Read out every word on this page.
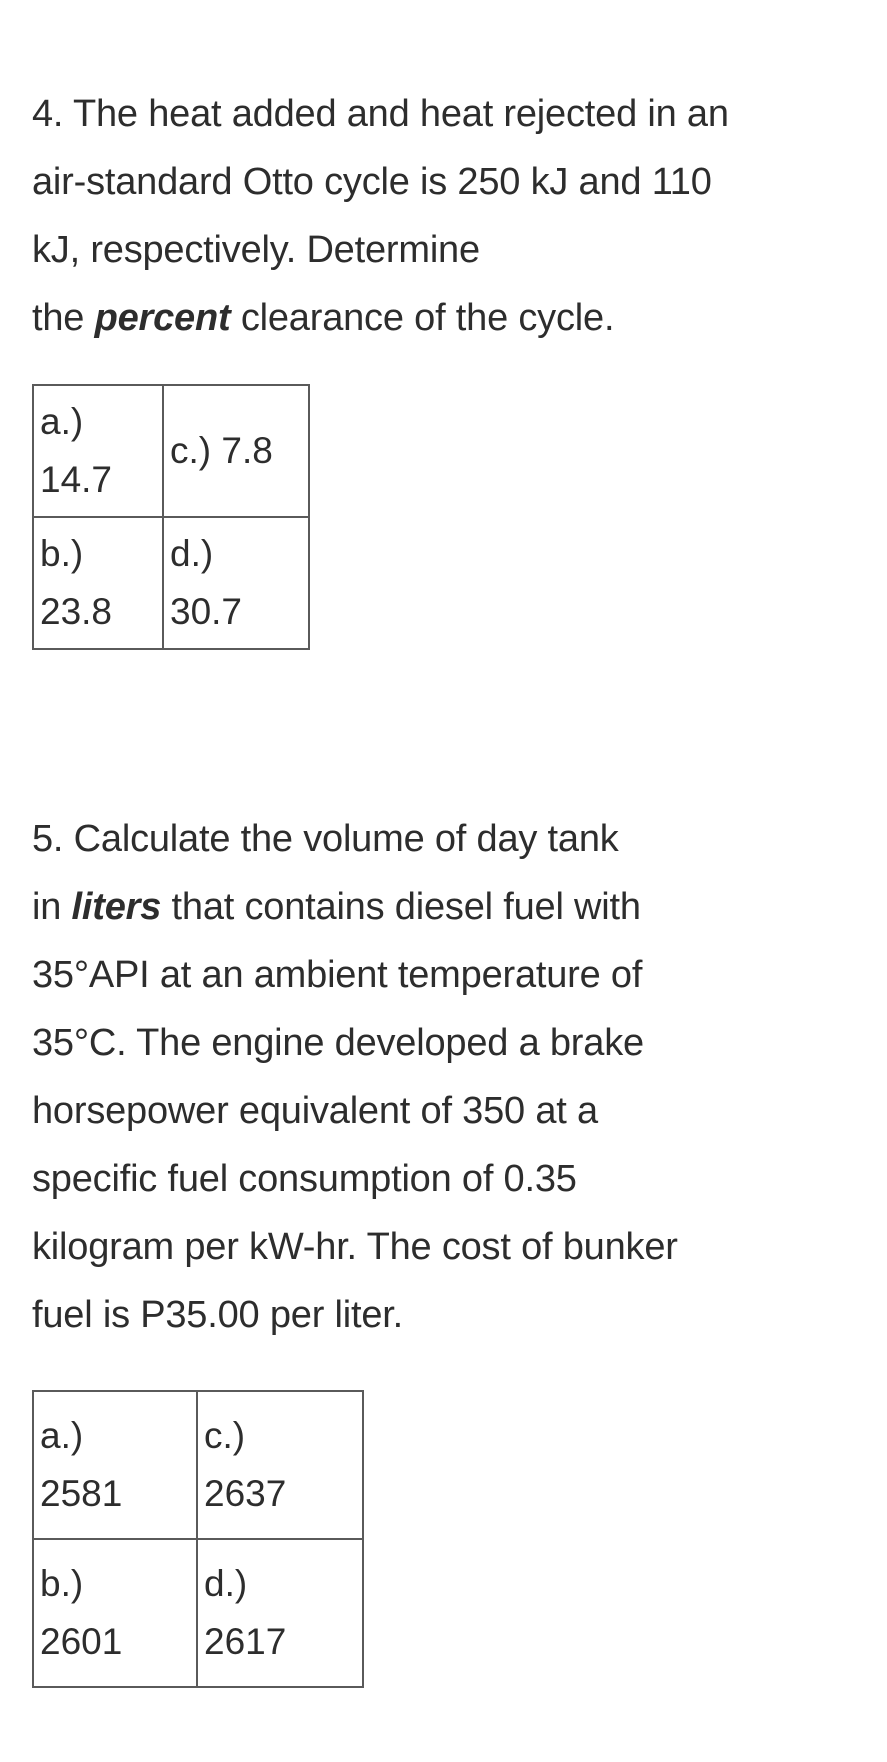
4. The heat added and heat rejected in an
air-standard Otto cycle is 250 kJ and 110
kJ, respectively. Determine
the percent clearance of the cycle.
a.)
14.7	c.) 7.8

b.)
23.8	d.)
30.7
5. Calculate the volume of day tank
in liters that contains diesel fuel with
35°API at an ambient temperature of
35°C. The engine developed a brake
horsepower equivalent of 350 at a
specific fuel consumption of 0.35
kilogram per kW-hr. The cost of bunker
fuel is P35.00 per liter.
a.)
2581	c.)
2637

b.)
2601	d.)
2617
